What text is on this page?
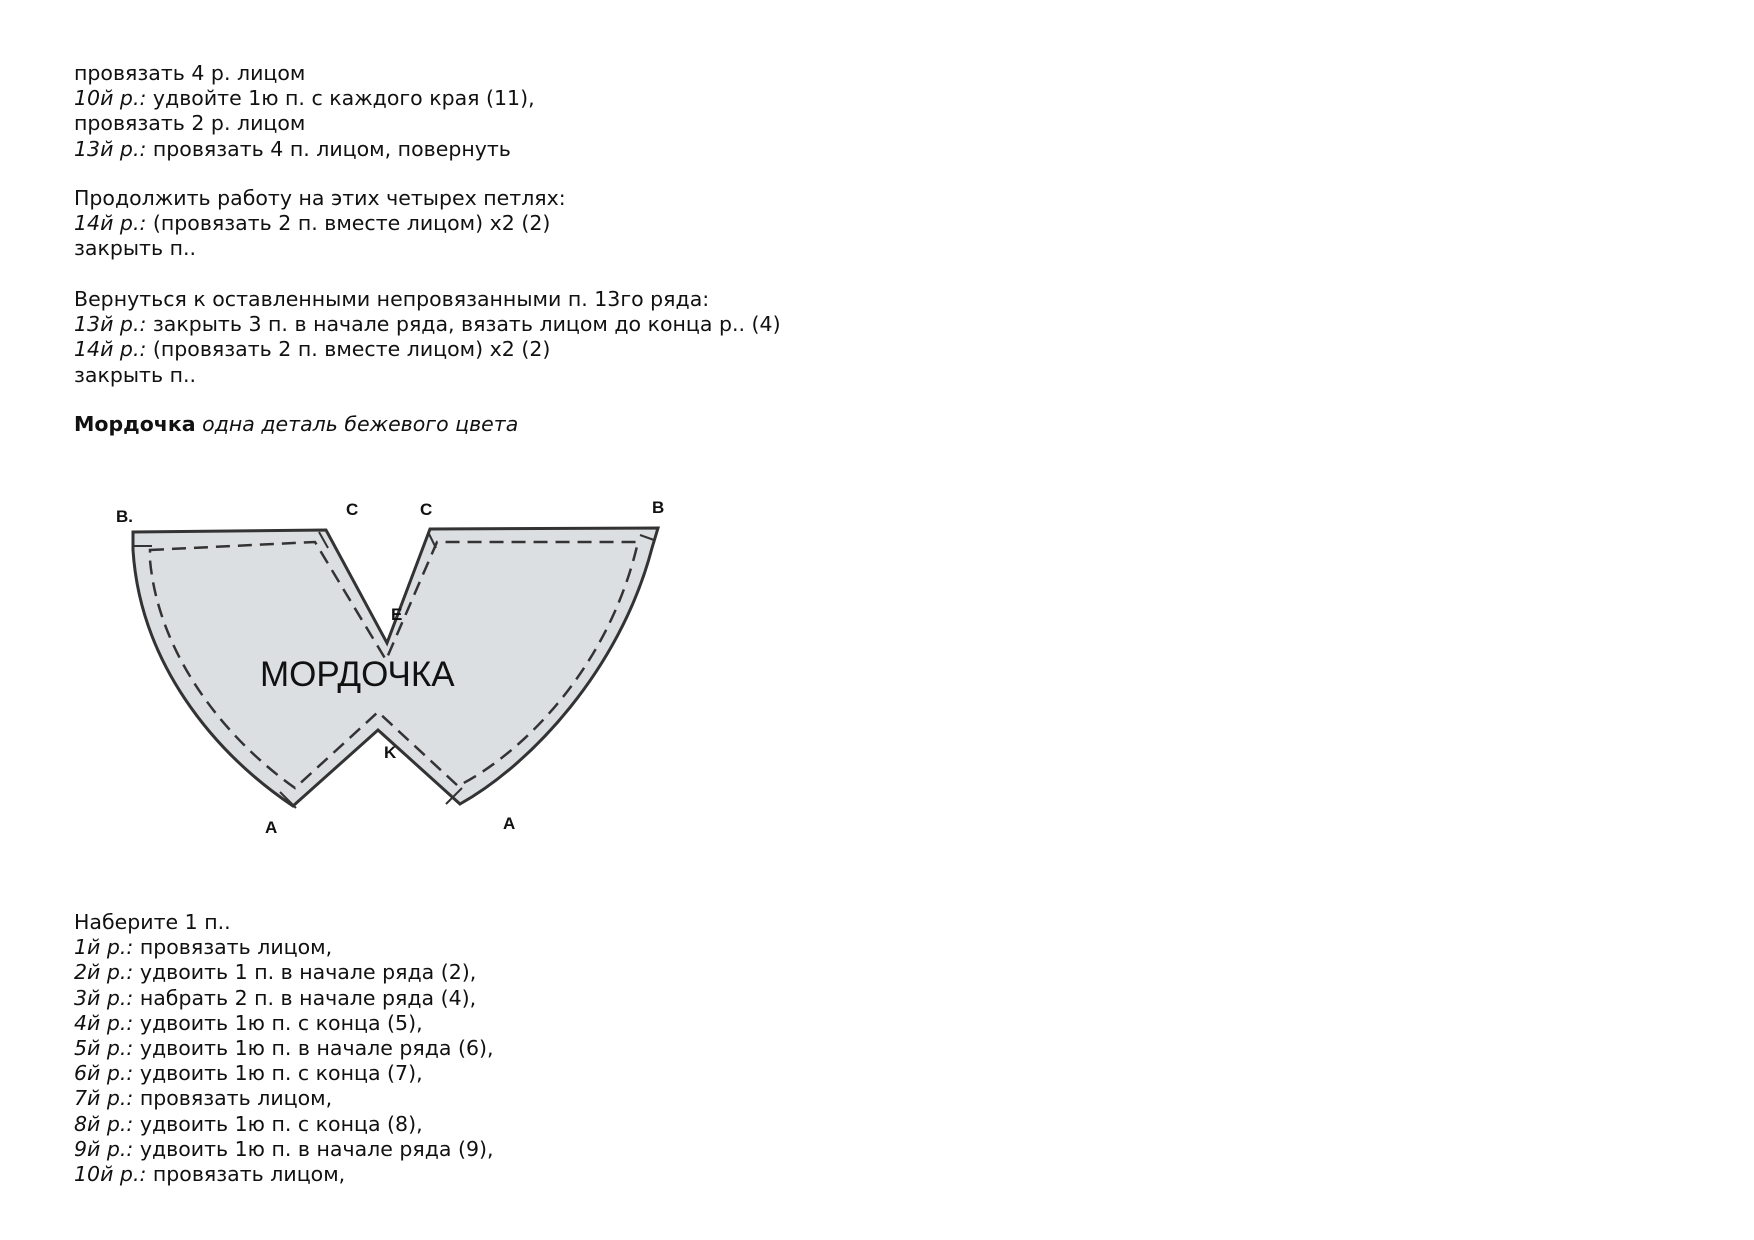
провязать 4 р. лицом
10й р.: удвойте 1ю п. с каждого края (11),
провязать 2 р. лицом
13й р.: провязать 4 п. лицом, повернуть
Продолжить работу на этих четырех петлях:
14й р.: (провязать 2 п. вместе лицом) x2 (2)
закрыть п..
Вернуться к оставленными непровязанными п. 13го ряда:
13й р.: закрыть 3 п. в начале ряда, вязать лицом до конца р.. (4)
14й р.: (провязать 2 п. вместе лицом) x2 (2)
закрыть п..
Мордочка одна деталь бежевого цвета
B.	C	C	B
E
K
A	A
МОРДОЧКА
Наберите 1 п..
1й р.: провязать лицом,
2й р.: удвоить 1 п. в начале ряда (2),
3й р.: набрать 2 п. в начале ряда (4),
4й р.: удвоить 1ю п. с конца (5),
5й р.: удвоить 1ю п. в начале ряда (6),
6й р.: удвоить 1ю п. с конца (7),
7й р.: провязать лицом,
8й р.: удвоить 1ю п. с конца (8),
9й р.: удвоить 1ю п. в начале ряда (9),
10й р.: провязать лицом,
